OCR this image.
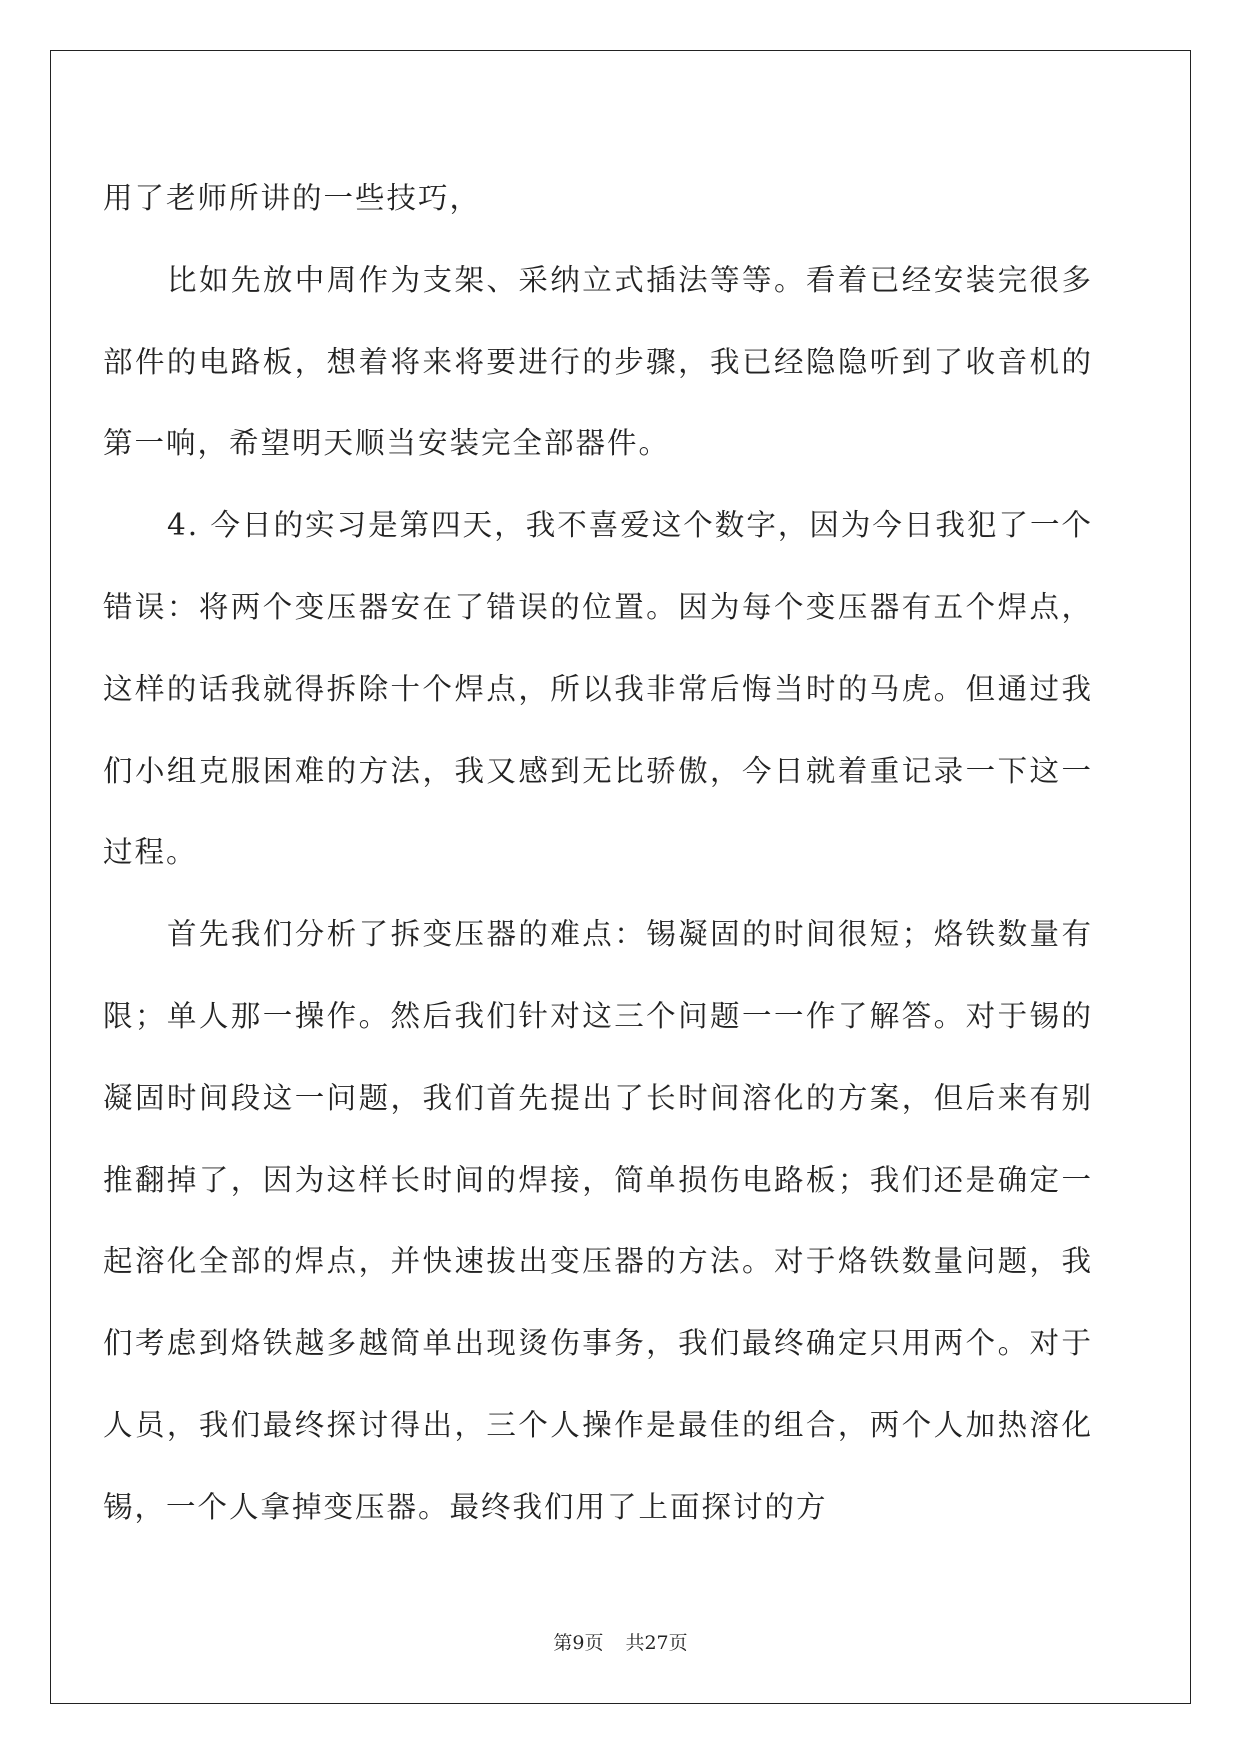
用了老师所讲的一些技巧，

比如先放中周作为支架、采纳立式插法等等。看着已经安装完很多部件的电路板，想着将来将要进行的步骤，我已经隐隐听到了收音机的第一响，希望明天顺当安装完全部器件。

4. 今日的实习是第四天，我不喜爱这个数字，因为今日我犯了一个错误：将两个变压器安在了错误的位置。因为每个变压器有五个焊点，这样的话我就得拆除十个焊点，所以我非常后悔当时的马虎。但通过我们小组克服困难的方法，我又感到无比骄傲，今日就着重记录一下这一过程。

首先我们分析了拆变压器的难点：锡凝固的时间很短；烙铁数量有限；单人那一操作。然后我们针对这三个问题一一作了解答。对于锡的凝固时间段这一问题，我们首先提出了长时间溶化的方案，但后来有别推翻掉了，因为这样长时间的焊接，简单损伤电路板；我们还是确定一起溶化全部的焊点，并快速拔出变压器的方法。对于烙铁数量问题，我们考虑到烙铁越多越简单出现烫伤事务，我们最终确定只用两个。对于人员，我们最终探讨得出，三个人操作是最佳的组合，两个人加热溶化锡，一个人拿掉变压器。最终我们用了上面探讨的方

第9页 共27页
